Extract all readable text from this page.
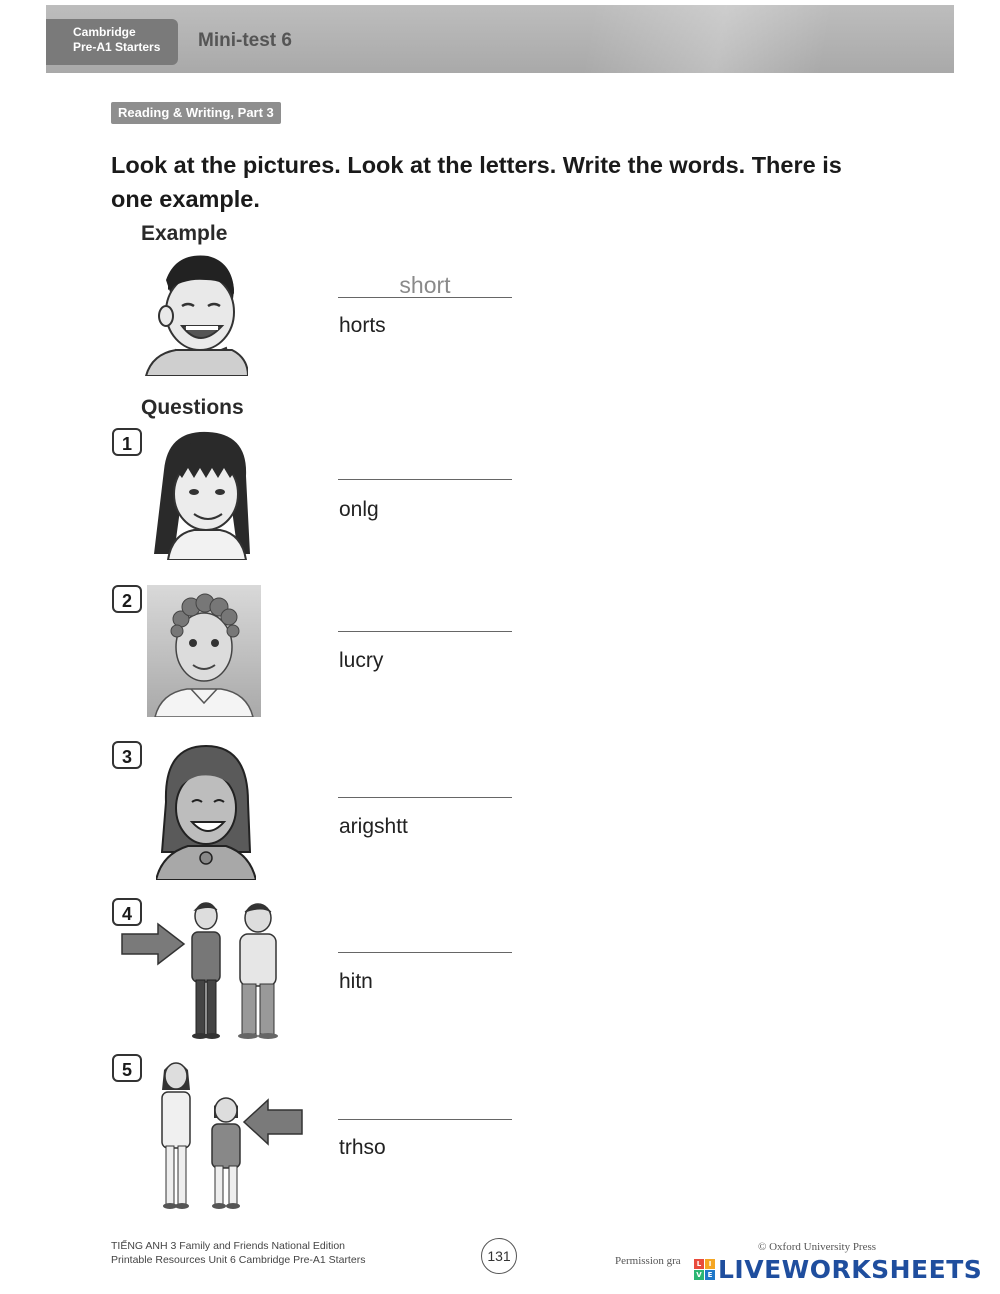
Cambridge
Pre-A1 Starters Mini-test 6
Reading & Writing, Part 3
Look at the pictures. Look at the letters. Write the words. There is
one example.
Example
short
horts
Questions
1
onlg
2
lucry
3
arigshtt
4
hitn
5
trhso
TIẾNG ANH 3 Family and Friends National Edition
Printable Resources Unit 6 Cambridge Pre-A1 Starters	131
© Oxford University Press
Permission gra	L	I
V E LIVEWORKSHEETS
